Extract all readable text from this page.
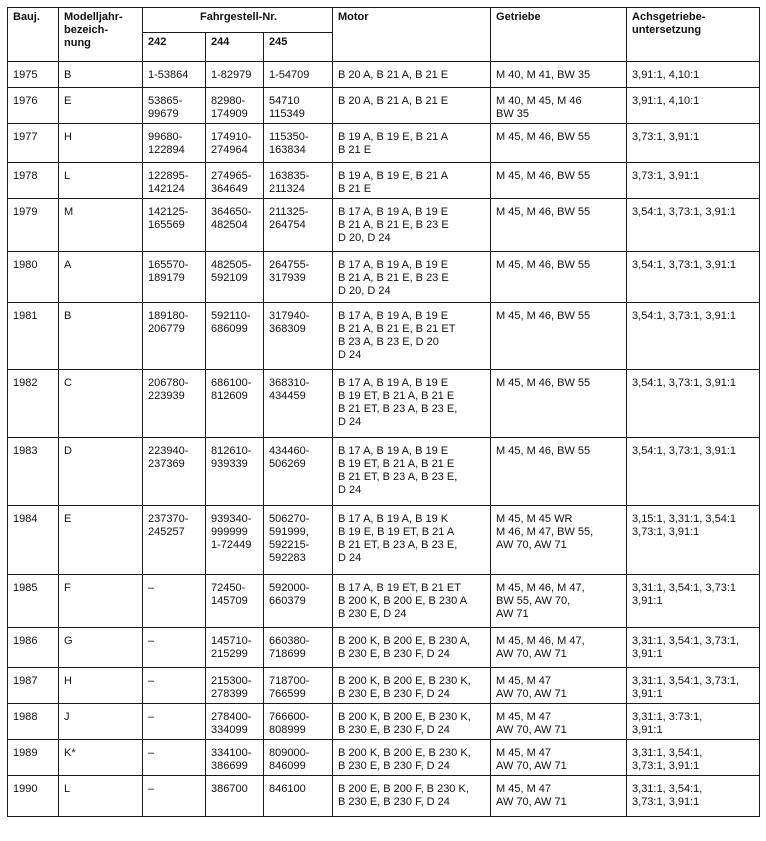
Bauj.	Modelljahr-
bezeich-
nung	Fahrgestell-Nr.			Motor	Getriebe	Achsgetriebe-
untersetzung
		242	244	245			
1975	B	1-53864	1-82979	1-54709	B 20 A, B 21 A, B 21 E	M 40, M 41, BW 35	3,91:1, 4,10:1
1976	E	53865-
99679	82980-
174909	54710
115349	B 20 A, B 21 A, B 21 E	M 40, M 45, M 46
BW 35	3,91:1, 4,10:1
1977	H	99680-
122894	174910-
274964	115350-
163834	B 19 A, B 19 E, B 21 A
B 21 E	M 45, M 46, BW 55	3,73:1, 3,91:1
1978	L	122895-
142124	274965-
364649	163835-
211324	B 19 A, B 19 E, B 21 A
B 21 E	M 45, M 46, BW 55	3,73:1, 3,91:1
1979	M	142125-
165569	364650-
482504	211325-
264754	B 17 A, B 19 A, B 19 E
B 21 A, B 21 E, B 23 E
D 20, D 24	M 45, M 46, BW 55	3,54:1, 3,73:1, 3,91:1
1980	A	165570-
189179	482505-
592109	264755-
317939	B 17 A, B 19 A, B 19 E
B 21 A, B 21 E, B 23 E
D 20, D 24	M 45, M 46, BW 55	3,54:1, 3,73:1, 3,91:1
1981	B	189180-
206779	592110-
686099	317940-
368309	B 17 A, B 19 A, B 19 E
B 21 A, B 21 E, B 21 ET
B 23 A, B 23 E, D 20
D 24	M 45, M 46, BW 55	3,54:1, 3,73:1, 3,91:1
1982	C	206780-
223939	686100-
812609	368310-
434459	B 17 A, B 19 A, B 19 E
B 19 ET, B 21 A, B 21 E
B 21 ET, B 23 A, B 23 E,
D 24	M 45, M 46, BW 55	3,54:1, 3,73:1, 3,91:1
1983	D	223940-
237369	812610-
939339	434460-
506269	B 17 A, B 19 A, B 19 E
B 19 ET, B 21 A, B 21 E
B 21 ET, B 23 A, B 23 E,
D 24	M 45, M 46, BW 55	3,54:1, 3,73:1, 3,91:1
1984	E	237370-
245257	939340-
999999
1-72449	506270-
591999,
592215-
592283	B 17 A, B 19 A, B 19 K
B 19 E, B 19 ET, B 21 A
B 21 ET, B 23 A, B 23 E,
D 24	M 45, M 45 WR
M 46, M 47, BW 55,
AW 70, AW 71	3,15:1, 3,31:1, 3,54:1
3,73:1, 3,91:1
1985	F	–	72450-
145709	592000-
660379	B 17 A, B 19 ET, B 21 ET
B 200 K, B 200 E, B 230 A
B 230 E, D 24	M 45, M 46, M 47,
BW 55, AW 70,
AW 71	3,31:1, 3,54:1, 3,73:1
3,91:1
1986	G	–	145710-
215299	660380-
718699	B 200 K, B 200 E, B 230 A,
B 230 E, B 230 F, D 24	M 45, M 46, M 47,
AW 70, AW 71	3,31:1, 3,54:1, 3,73:1,
3,91:1
1987	H	–	215300-
278399	718700-
766599	B 200 K, B 200 E, B 230 K,
B 230 E, B 230 F, D 24	M 45, M 47
AW 70, AW 71	3,31:1, 3,54:1, 3,73:1,
3,91:1
1988	J	–	278400-
334099	766600-
808999	B 200 K, B 200 E, B 230 K,
B 230 E, B 230 F, D 24	M 45, M 47
AW 70, AW 71	3,31:1, 3:73:1,
3,91:1
1989	K*	–	334100-
386699	809000-
846099	B 200 K, B 200 E, B 230 K,
B 230 E, B 230 F, D 24	M 45, M 47
AW 70, AW 71	3,31:1, 3,54:1,
3,73:1, 3,91:1
1990	L	–	386700	846100	B 200 E, B 200 F, B 230 K,
B 230 E, B 230 F, D 24	M 45, M 47
AW 70, AW 71	3,31:1, 3,54:1,
3,73:1, 3,91:1
